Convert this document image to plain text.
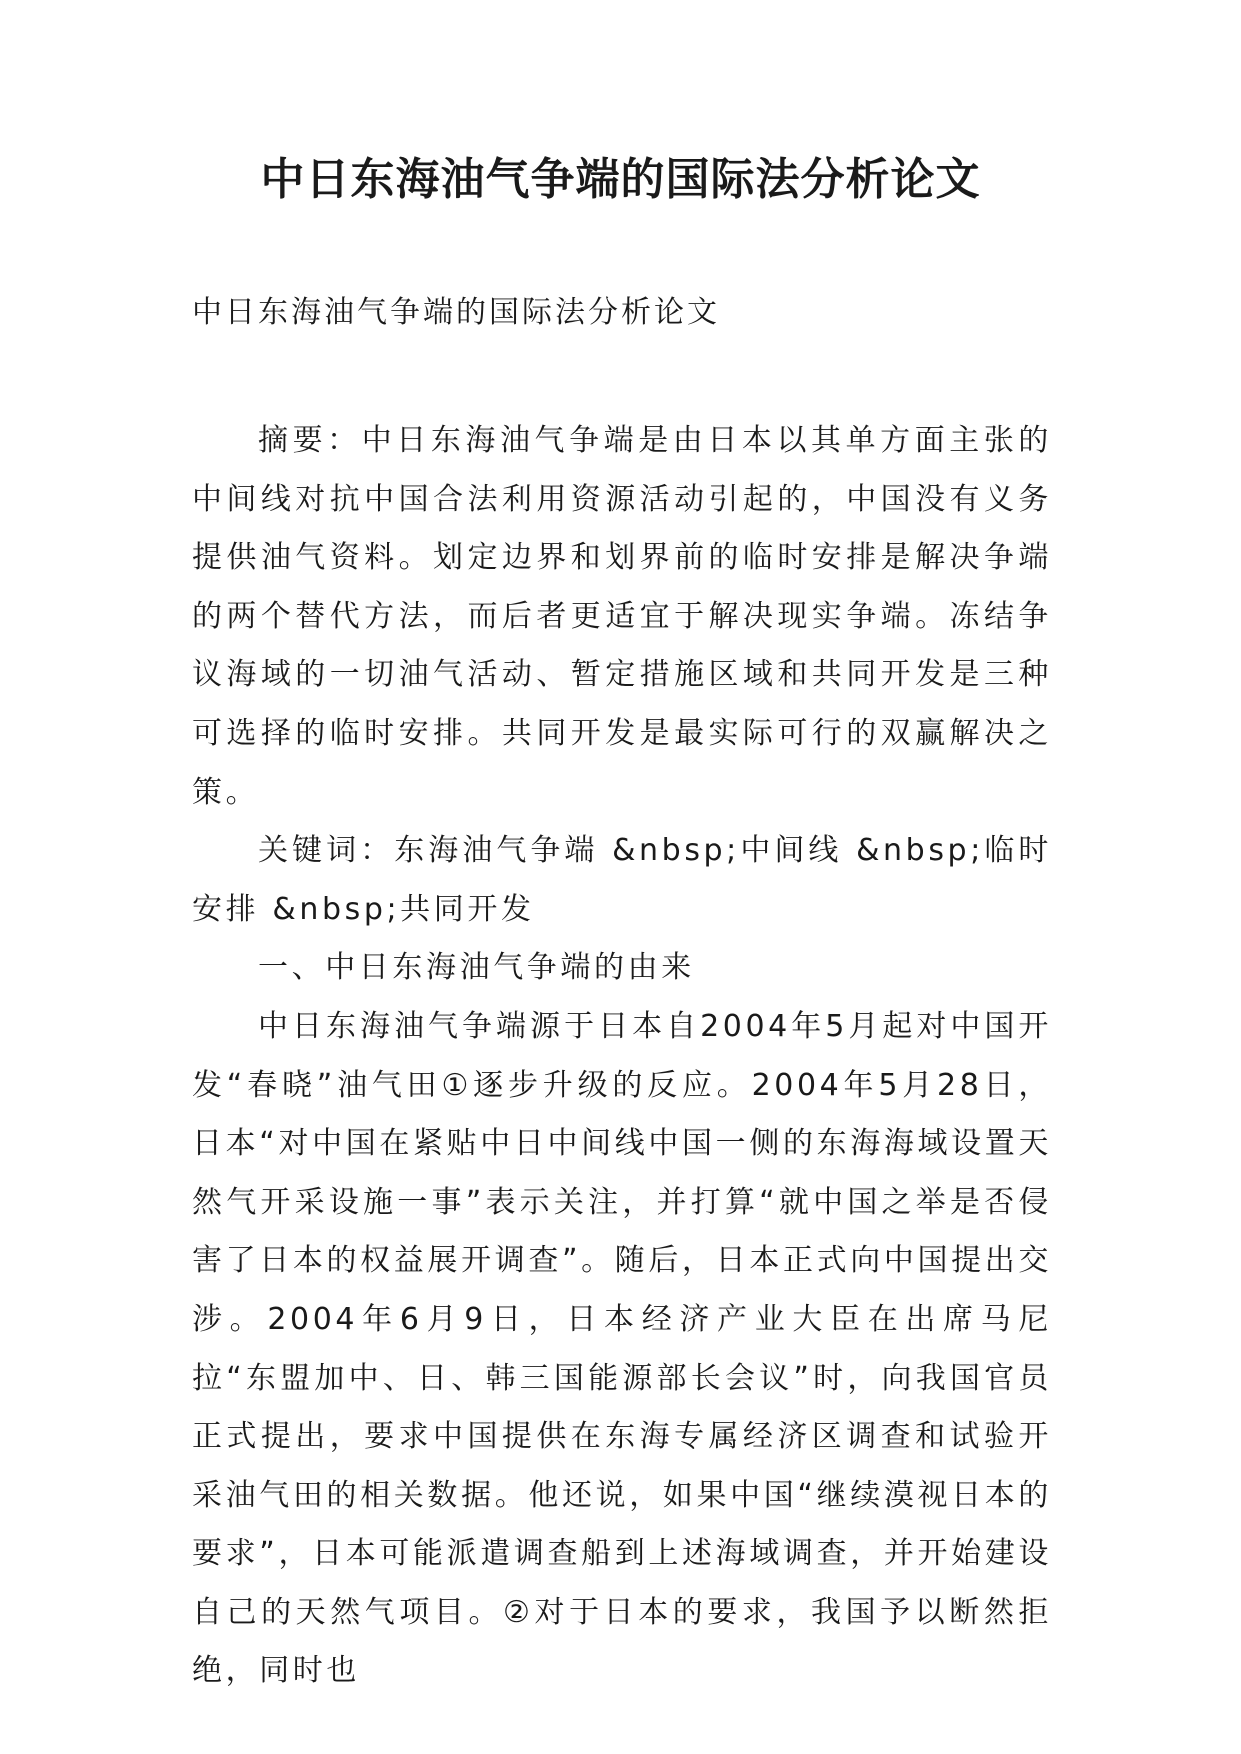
中日东海油气争端的国际法分析论文

中日东海油气争端的国际法分析论文

摘要：中日东海油气争端是由日本以其单方面主张的中间线对抗中国合法利用资源活动引起的，中国没有义务提供油气资料。划定边界和划界前的临时安排是解决争端的两个替代方法，而后者更适宜于解决现实争端。冻结争议海域的一切油气活动、暂定措施区域和共同开发是三种可选择的临时安排。共同开发是最实际可行的双赢解决之策。

关键词：东海油气争端 &nbsp;中间线 &nbsp;临时安排 &nbsp;共同开发

一、中日东海油气争端的由来

中日东海油气争端源于日本自2004年5月起对中国开发“春晓”油气田①逐步升级的反应。2004年5月28日，日本“对中国在紧贴中日中间线中国一侧的东海海域设置天然气开采设施一事”表示关注，并打算“就中国之举是否侵害了日本的权益展开调查”。随后，日本正式向中国提出交涉。2004年6月9日，日本经济产业大臣在出席马尼拉“东盟加中、日、韩三国能源部长会议”时，向我国官员正式提出，要求中国提供在东海专属经济区调查和试验开采油气田的相关数据。他还说，如果中国“继续漠视日本的要求”，日本可能派遣调查船到上述海域调查，并开始建设自己的天然气项目。②对于日本的要求，我国予以断然拒绝，同时也
